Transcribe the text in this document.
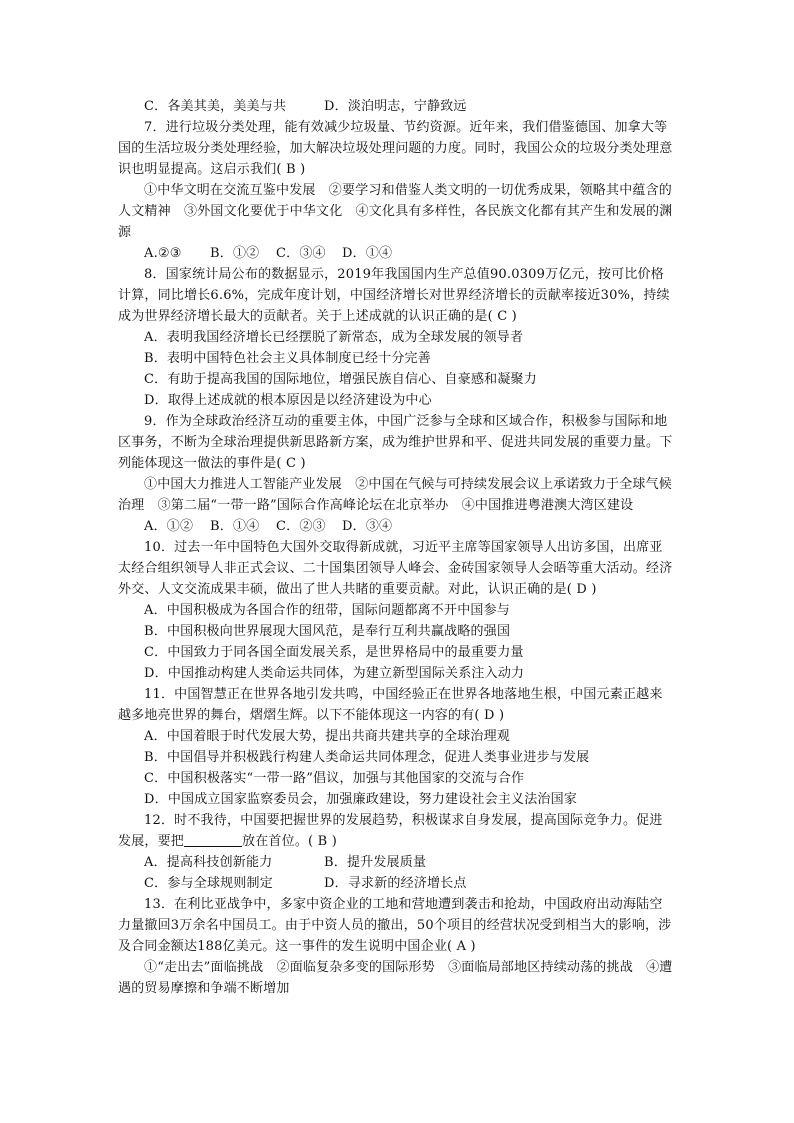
C．各美其美，美美与共	D．淡泊明志，宁静致远
7．进行垃圾分类处理，能有效减少垃圾量、节约资源。近年来，我们借鉴德国、加拿大等国的生活垃圾分类处理经验，加大解决垃圾处理问题的力度。同时，我国公众的垃圾分类处理意识也明显提高。这启示我们( B )
①中华文明在交流互鉴中发展　②要学习和借鉴人类文明的一切优秀成果，领略其中蕴含的人文精神　③外国文化要优于中华文化　④文化具有多样性，各民族文化都有其产生和发展的渊源
A.②③ B．①② C．③④ D．①④
8．国家统计局公布的数据显示，2019年我国国内生产总值90.0309万亿元，按可比价格计算，同比增长6.6%，完成年度计划，中国经济增长对世界经济增长的贡献率接近30%，持续成为世界经济增长最大的贡献者。关于上述成就的认识正确的是( C )
A．表明我国经济增长已经摆脱了新常态，成为全球发展的领导者
B．表明中国特色社会主义具体制度已经十分完善
C．有助于提高我国的国际地位，增强民族自信心、自豪感和凝聚力
D．取得上述成就的根本原因是以经济建设为中心
9．作为全球政治经济互动的重要主体，中国广泛参与全球和区域合作，积极参与国际和地区事务，不断为全球治理提供新思路新方案，成为维护世界和平、促进共同发展的重要力量。下列能体现这一做法的事件是( C )
①中国大力推进人工智能产业发展　②中国在气候与可持续发展会议上承诺致力于全球气候治理　③第二届“一带一路”国际合作高峰论坛在北京举办　④中国推进粤港澳大湾区建设
A．①② B．①④ C．②③ D．③④
10．过去一年中国特色大国外交取得新成就，习近平主席等国家领导人出访多国，出席亚太经合组织领导人非正式会议、二十国集团领导人峰会、金砖国家领导人会晤等重大活动。经济外交、人文交流成果丰硕，做出了世人共睹的重要贡献。对此，认识正确的是( D )
A．中国积极成为各国合作的纽带，国际问题都离不开中国参与
B．中国积极向世界展现大国风范，是奉行互利共赢战略的强国
C．中国致力于同各国全面发展关系，是世界格局中的最重要力量
D．中国推动构建人类命运共同体，为建立新型国际关系注入动力
11．中国智慧正在世界各地引发共鸣，中国经验正在世界各地落地生根，中国元素正越来越多地亮世界的舞台，熠熠生辉。以下不能体现这一内容的有( D )
A．中国着眼于时代发展大势，提出共商共建共享的全球治理观
B．中国倡导并积极践行构建人类命运共同体理念，促进人类事业进步与发展
C．中国积极落实“一带一路”倡议，加强与其他国家的交流与合作
D．中国成立国家监察委员会，加强廉政建设，努力建设社会主义法治国家
12．时不我待，中国要把握世界的发展趋势，积极谋求自身发展，提高国际竞争力。促进发展，要把	放在首位。( B )
A．提高科技创新能力	B．提升发展质量
C．参与全球规则制定	D．寻求新的经济增长点
13．在利比亚战争中，多家中资企业的工地和营地遭到袭击和抢劫，中国政府出动海陆空力量撤回3万余名中国员工。由于中资人员的撤出，50个项目的经营状况受到相当大的影响，涉及合同金额达188亿美元。这一事件的发生说明中国企业( A )
①“走出去”面临挑战　②面临复杂多变的国际形势　③面临局部地区持续动荡的挑战　④遭遇的贸易摩擦和争端不断增加
